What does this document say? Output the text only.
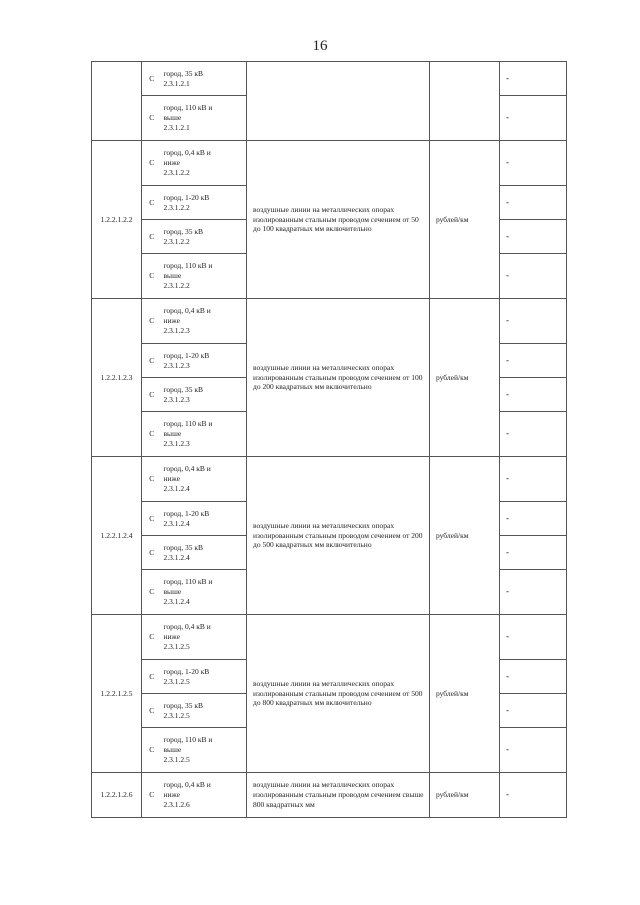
16
	С	город, 35 кВ
2.3.1.2.1			-
	С	город, 110 кВ и
выше
2.3.1.2.1			-
1.2.2.1.2.2	С	город, 0,4 кВ и
ниже
2.3.1.2.2	воздушные линии на металлических опорах изолированным стальным проводом сечением от 50 до 100 квадратных мм включительно	рублей/км	-
	С	город, 1-20 кВ
2.3.1.2.2			-
	С	город, 35 кВ
2.3.1.2.2			-
	С	город, 110 кВ и
выше
2.3.1.2.2			-
1.2.2.1.2.3	С	город, 0,4 кВ и
ниже
2.3.1.2.3	воздушные линии на металлических опорах изолированным стальным проводом сечением от 100 до 200 квадратных мм включительно	рублей/км	-
	С	город, 1-20 кВ
2.3.1.2.3			-
	С	город, 35 кВ
2.3.1.2.3			-
	С	город, 110 кВ и
выше
2.3.1.2.3			-
1.2.2.1.2.4	С	город, 0,4 кВ и
ниже
2.3.1.2.4	воздушные линии на металлических опорах изолированным стальным проводом сечением от 200 до 500 квадратных мм включительно	рублей/км	-
	С	город, 1-20 кВ
2.3.1.2.4			-
	С	город, 35 кВ
2.3.1.2.4			-
	С	город, 110 кВ и
выше
2.3.1.2.4			-
1.2.2.1.2.5	С	город, 0,4 кВ и
ниже
2.3.1.2.5	воздушные линии на металлических опорах изолированным стальным проводом сечением от 500 до 800 квадратных мм включительно	рублей/км	-
	С	город, 1-20 кВ
2.3.1.2.5			-
	С	город, 35 кВ
2.3.1.2.5			-
	С	город, 110 кВ и
выше
2.3.1.2.5			-
1.2.2.1.2.6	С	город, 0,4 кВ и
ниже
2.3.1.2.6	воздушные линии на металлических опорах изолированным стальным проводом сечением свыше 800 квадратных мм	рублей/км	-
